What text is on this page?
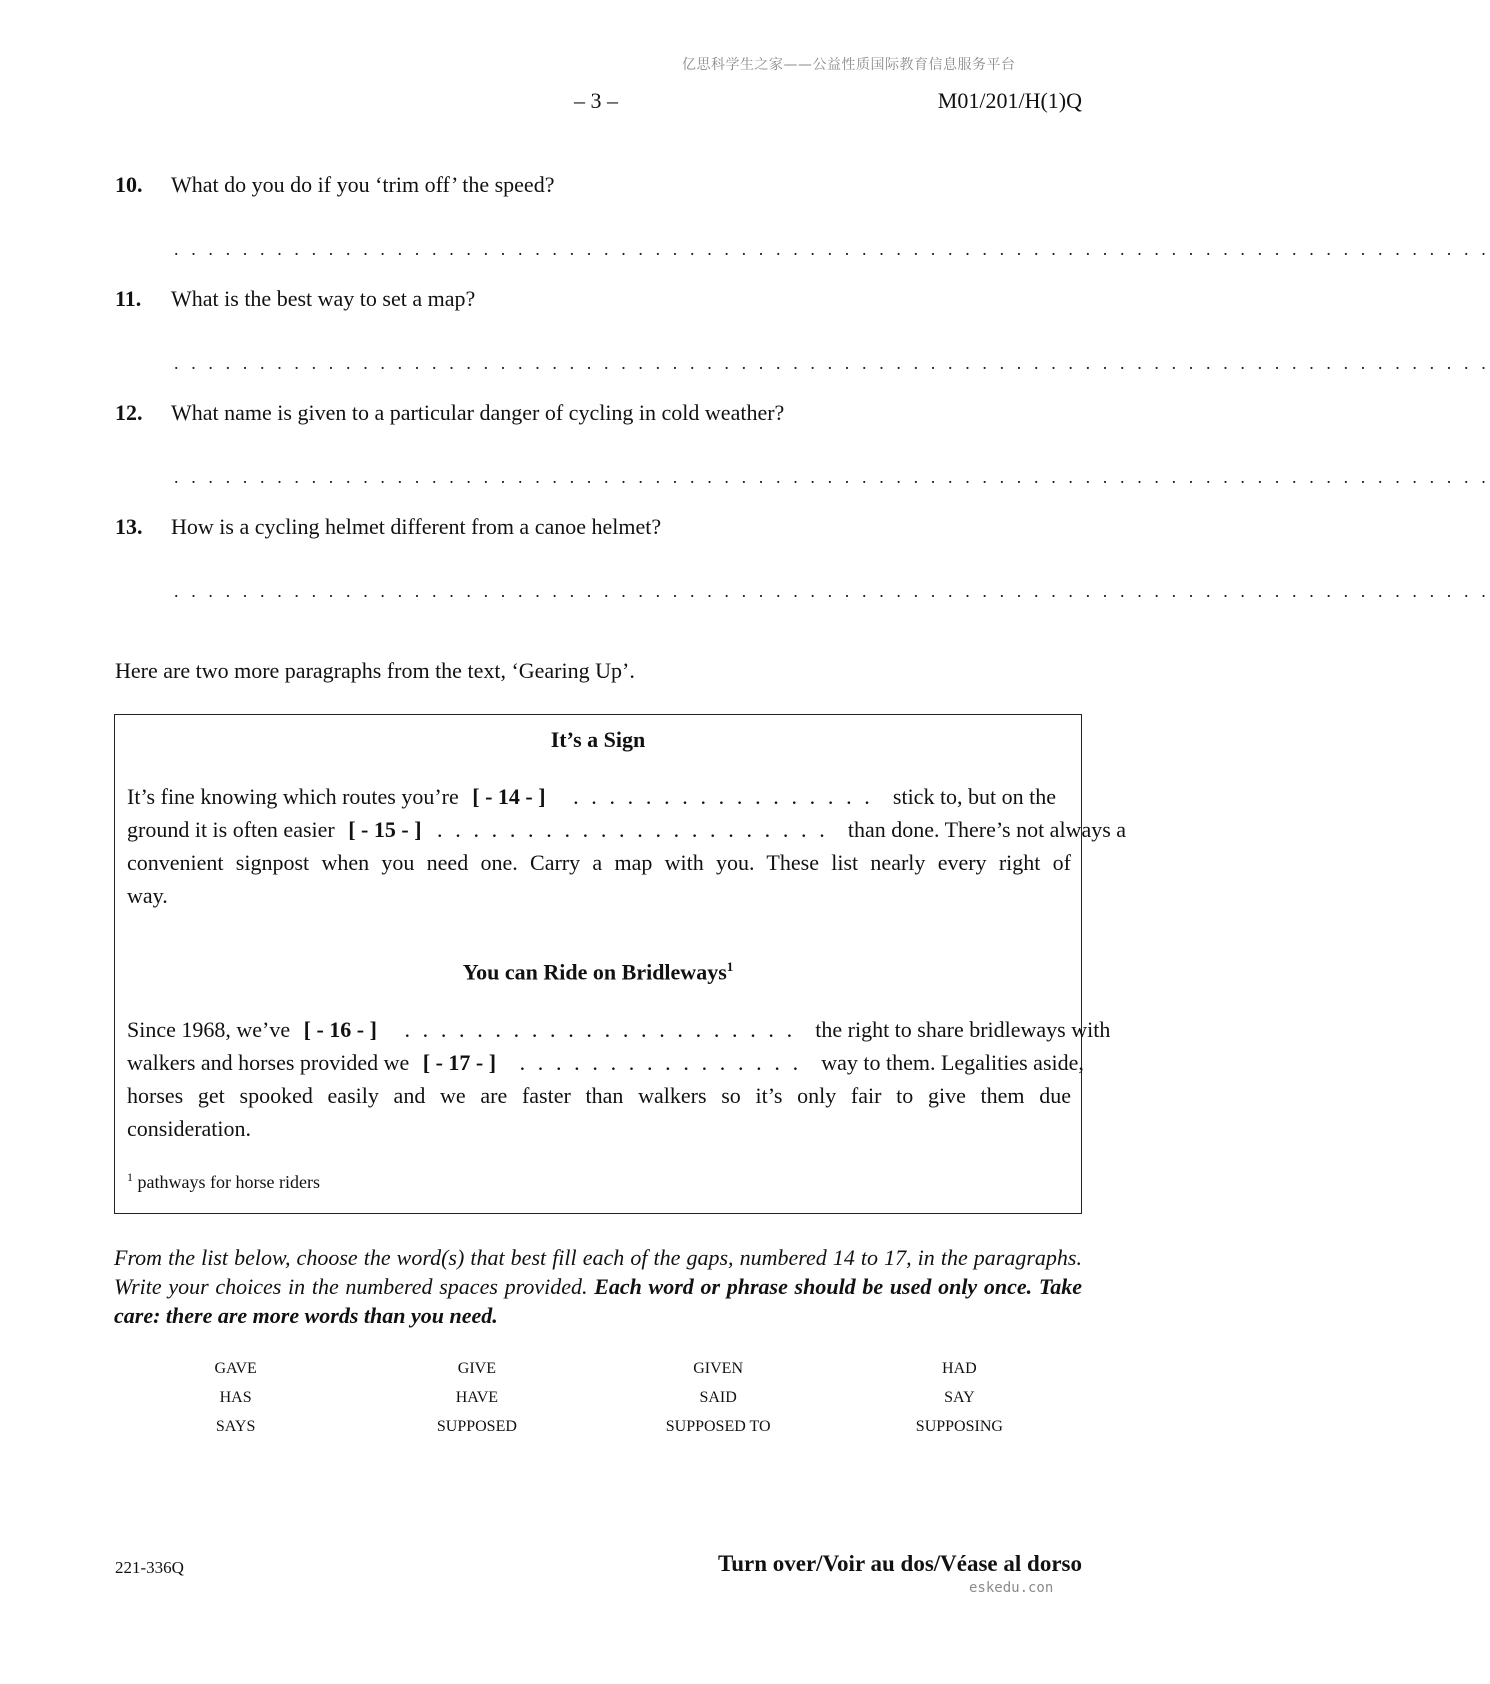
亿思科学生之家——公益性质国际教育信息服务平台
– 3 –	M01/201/H(1)Q
10. What do you do if you ‘trim off’ the speed?
. . . . . . . . . . . . . . . . . . . . . . . . . . . . . . . . . . . . . . . . . . . . . . . . . . . . . . . . . . . . . . . . . . . . . . . . . . . . .
11. What is the best way to set a map?
. . . . . . . . . . . . . . . . . . . . . . . . . . . . . . . . . . . . . . . . . . . . . . . . . . . . . . . . . . . . . . . . . . . . . . . . . . . . .
12. What name is given to a particular danger of cycling in cold weather?
. . . . . . . . . . . . . . . . . . . . . . . . . . . . . . . . . . . . . . . . . . . . . . . . . . . . . . . . . . . . . . . . . . . . . . . . . . . . .
13. How is a cycling helmet different from a canoe helmet?
. . . . . . . . . . . . . . . . . . . . . . . . . . . . . . . . . . . . . . . . . . . . . . . . . . . . . . . . . . . . . . . . . . . . . . . . . . . . .
Here are two more paragraphs from the text, ‘Gearing Up’.
It’s a Sign
It’s fine knowing which routes you’re [ - 14 - ] . . . . . . . . . . . . . . . . . stick to, but on the
ground it is often easier [ - 15 - ] . . . . . . . . . . . . . . . . . . . . . . than done. There’s not always a
convenient signpost when you need one. Carry a map with you. These list nearly every right of
way.
You can Ride on Bridleways$^1$
Since 1968, we’ve [ - 16 - ] . . . . . . . . . . . . . . . . . . . . . . the right to share bridleways with
walkers and horses provided we [ - 17 - ] . . . . . . . . . . . . . . . . way to them. Legalities aside,
horses get spooked easily and we are faster than walkers so it’s only fair to give them due
consideration.
$^1$ pathways for horse riders
From the list below, choose the word(s) that best fill each of the gaps, numbered 14 to 17, in the paragraphs. Write your choices in the numbered spaces provided. Each word or phrase should be used only once. Take care: there are more words than you need.
GAVE	GIVE	GIVEN	HAD
HAS	HAVE	SAID	SAY
SAYS	SUPPOSED	SUPPOSED TO	SUPPOSING
221-336Q	Turn over/Voir au dos/Véase al dorso
eskedu.con
